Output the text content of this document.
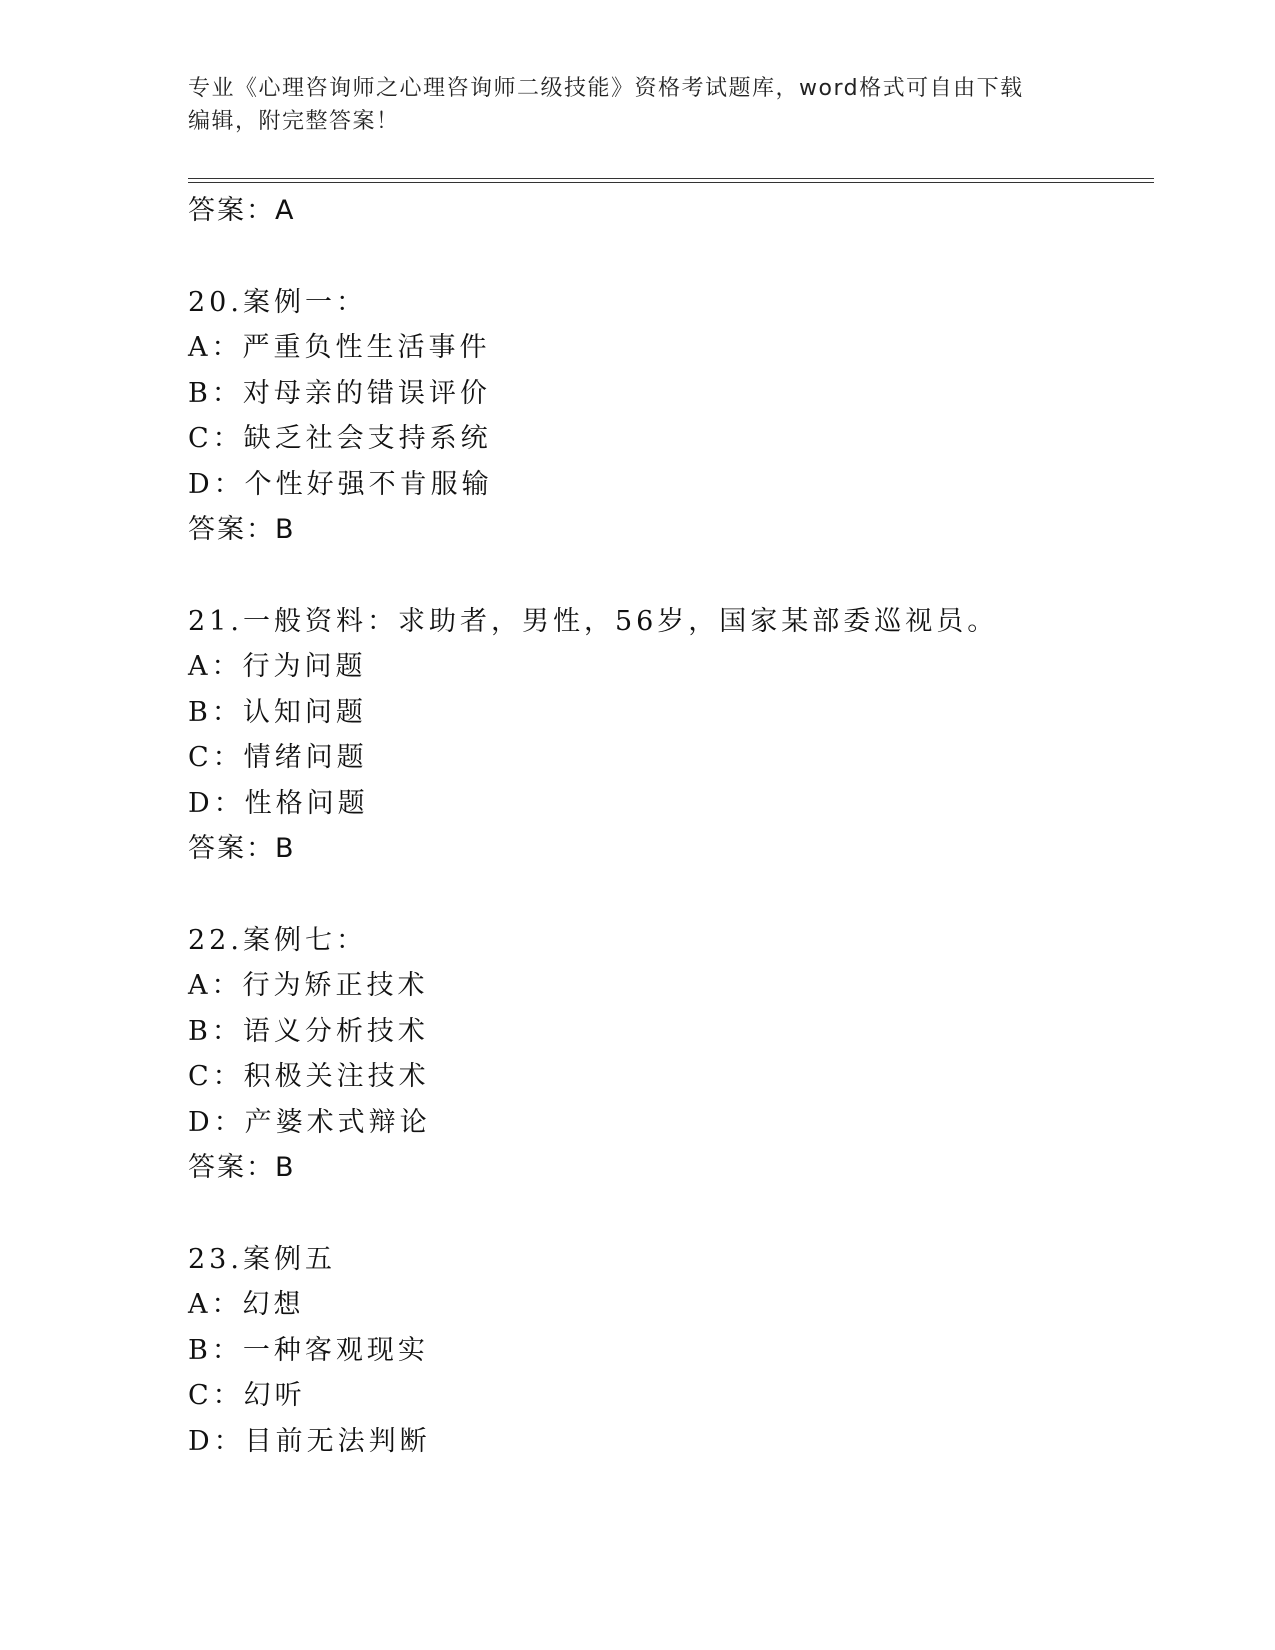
专业《心理咨询师之心理咨询师二级技能》资格考试题库，word格式可自由下载
编辑，附完整答案！
答案：A
20.案例一：
A：严重负性生活事件
B：对母亲的错误评价
C：缺乏社会支持系统
D：个性好强不肯服输
答案：B
21.一般资料：求助者，男性，56岁，国家某部委巡视员。
A：行为问题
B：认知问题
C：情绪问题
D：性格问题
答案：B
22.案例七：
A：行为矫正技术
B：语义分析技术
C：积极关注技术
D：产婆术式辩论
答案：B
23.案例五
A：幻想
B：一种客观现实
C：幻听
D：目前无法判断
